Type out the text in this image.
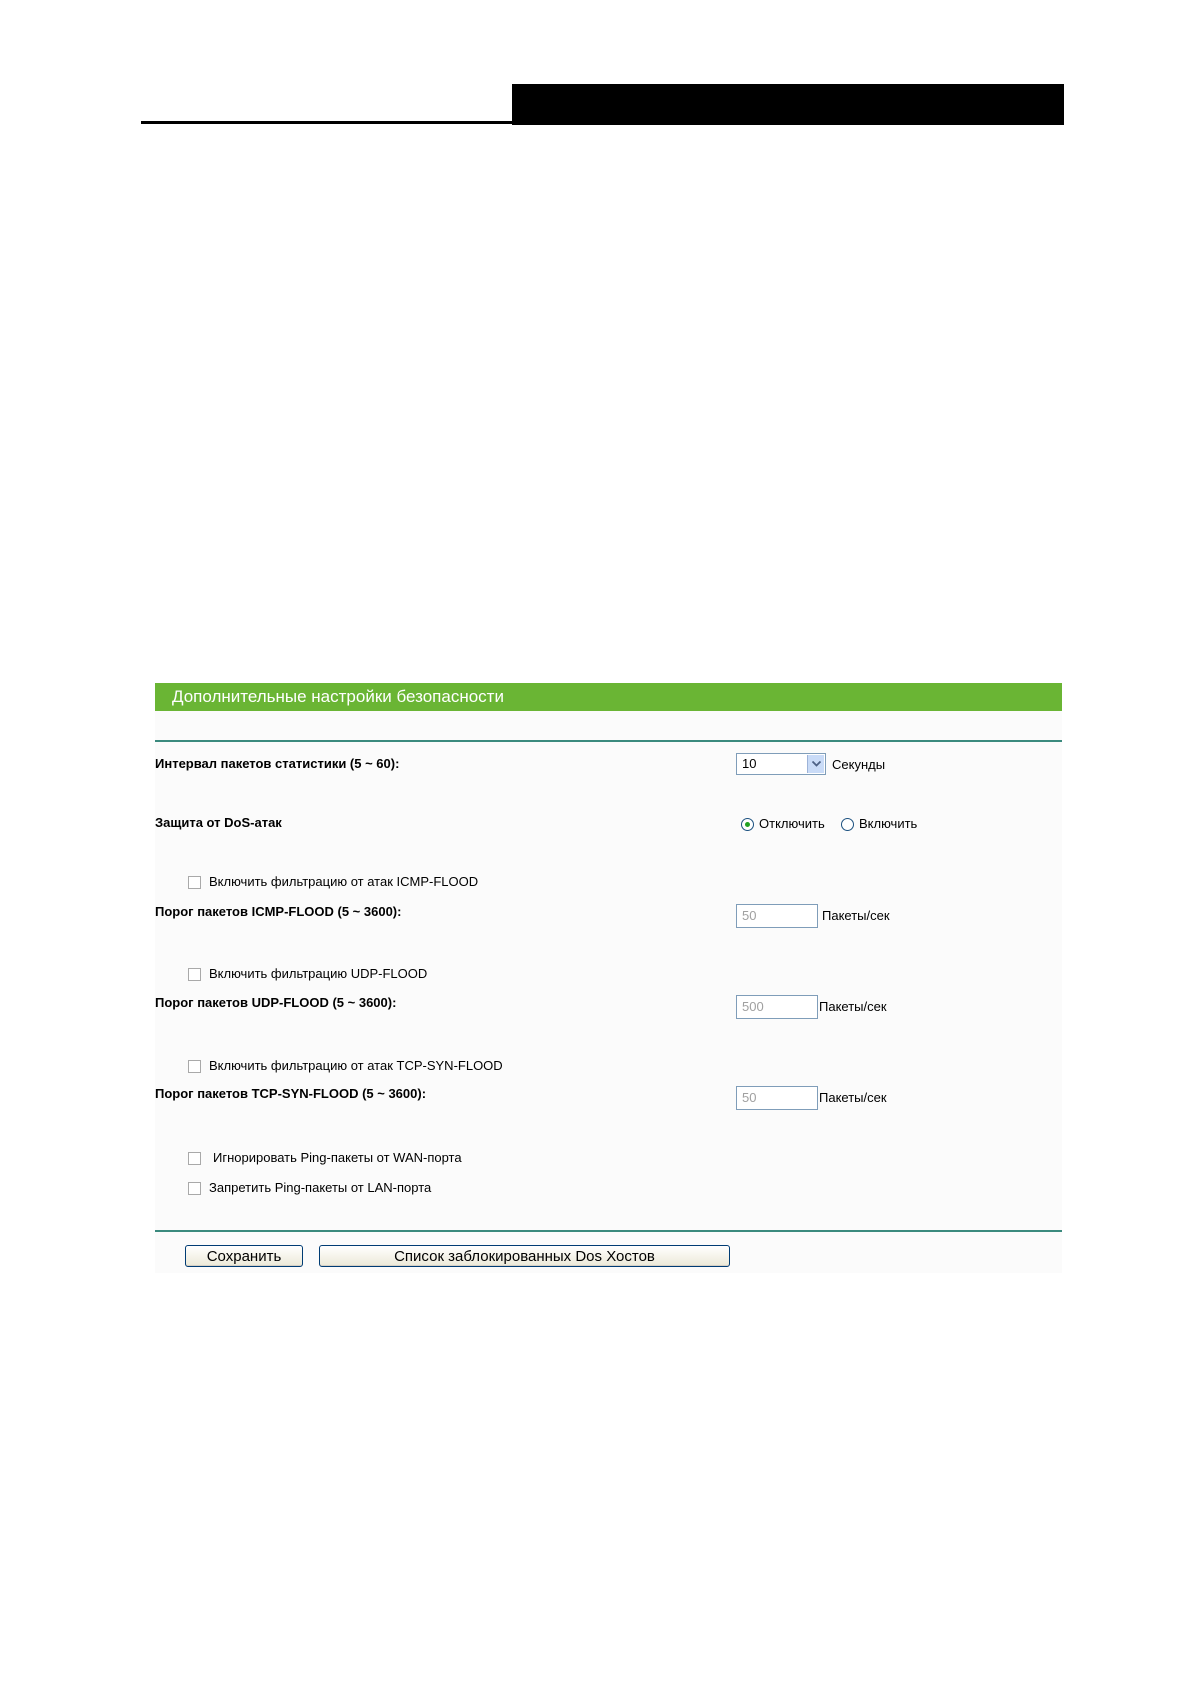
Дополнительные настройки безопасности
Интервал пакетов статистики (5 ~ 60):	10	Секунды
Защита от DoS-атак	Отключить	Включить
Включить фильтрацию от атак ICMP-FLOOD
Порог пакетов ICMP-FLOOD (5 ~ 3600):	50	Пакеты/сек
Включить фильтрацию UDP-FLOOD
Порог пакетов UDP-FLOOD (5 ~ 3600):	500	Пакеты/сек
Включить фильтрацию от атак TCP-SYN-FLOOD
Порог пакетов TCP-SYN-FLOOD (5 ~ 3600):	50	Пакеты/сек
Игнорировать Ping-пакеты от WAN-порта
Запретить Ping-пакеты от LAN-порта
Сохранить	Список заблокированных Dos Хостов
